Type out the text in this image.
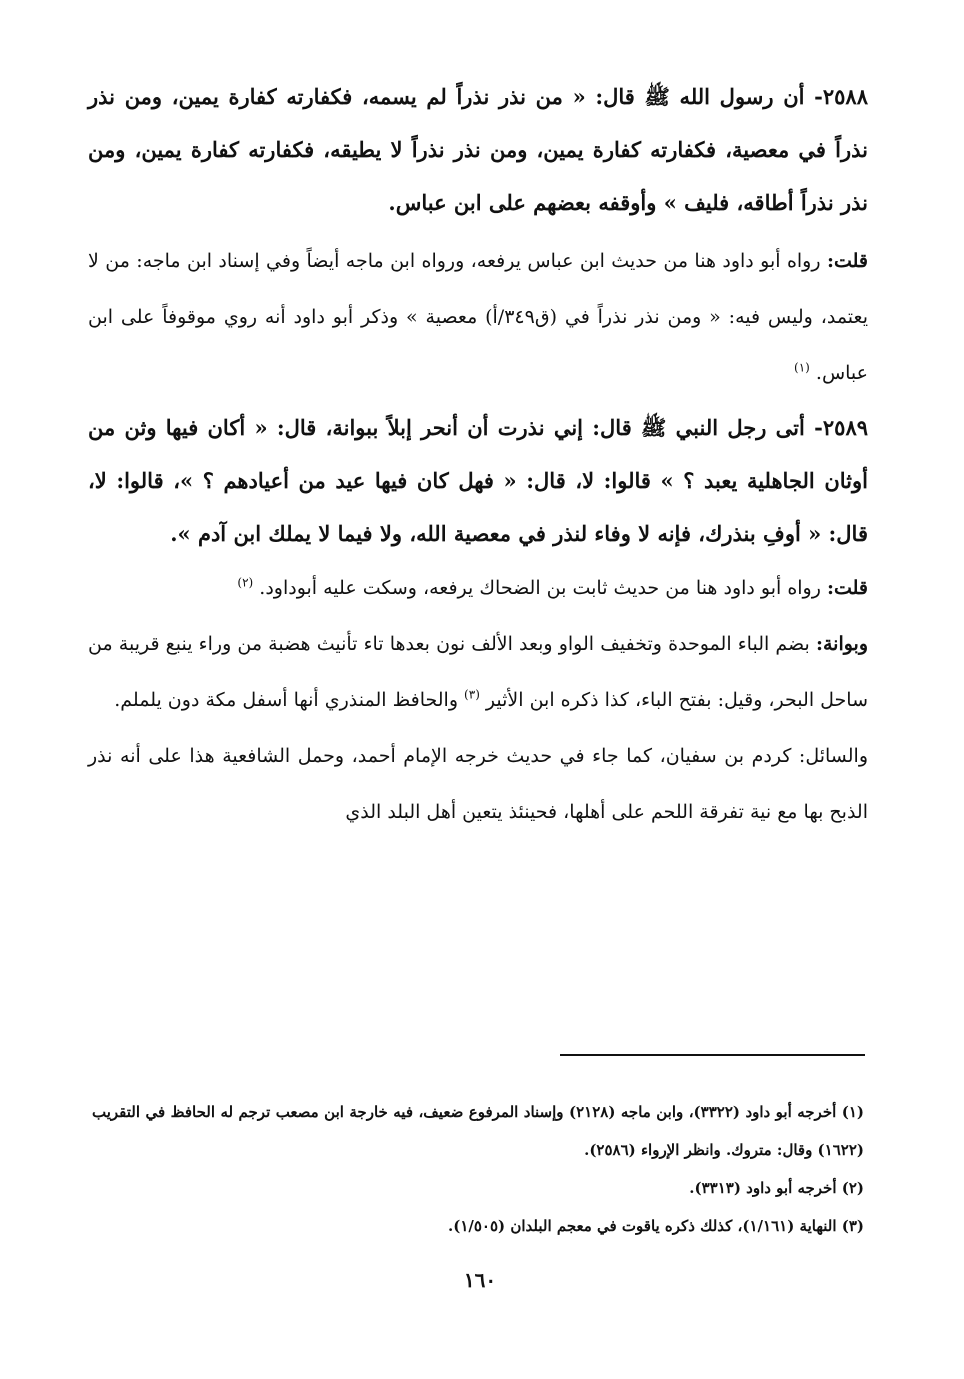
٢٥٨٨- أن رسول الله ﷺ قال: « من نذر نذراً لم يسمه، فكفارته كفارة يمين، ومن نذر نذراً في معصية، فكفارته كفارة يمين، ومن نذر نذراً لا يطيقه، فكفارته كفارة يمين، ومن نذر نذراً أطاقه، فليف » وأوقفه بعضهم على ابن عباس.

قلت: رواه أبو داود هنا من حديث ابن عباس يرفعه، ورواه ابن ماجه أيضاً وفي إسناد ابن ماجه: من لا يعتمد، وليس فيه: « ومن نذر نذراً في (ق٣٤٩/أ) معصية » وذكر أبو داود أنه روي موقوفاً على ابن عباس. $^{(١)}$

٢٥٨٩- أتى رجل النبي ﷺ قال: إني نذرت أن أنحر إبلاً ببوانة، قال: « أكان فيها وثن من أوثان الجاهلية يعبد ؟ » قالوا: لا، قال: « فهل كان فيها عيد من أعيادهم ؟ »، قالوا: لا، قال: « أوفِ بنذرك، فإنه لا وفاء لنذر في معصية الله، ولا فيما لا يملك ابن آدم ».

قلت: رواه أبو داود هنا من حديث ثابت بن الضحاك يرفعه، وسكت عليه أبوداود. $^{(٢)}$

وبوانة: بضم الباء الموحدة وتخفيف الواو وبعد الألف نون بعدها تاء تأنيث هضبة من وراء ينبع قريبة من ساحل البحر، وقيل: بفتح الباء، كذا ذكره ابن الأثير $^{(٣)}$ والحافظ المنذري أنها أسفل مكة دون يلملم.

والسائل: كردم بن سفيان، كما جاء في حديث خرجه الإمام أحمد، وحمل الشافعية هذا على أنه نذر الذبح بها مع نية تفرقة اللحم على أهلها، فحينئذ يتعين أهل البلد الذي

(١) أخرجه أبو داود (٣٣٢٢)، وابن ماجه (٢١٢٨) وإسناد المرفوع ضعيف، فيه خارجة ابن مصعب ترجم له الحافظ في التقريب (١٦٢٢) وقال: متروك. وانظر الإرواء (٢٥٨٦).

(٢) أخرجه أبو داود (٣٣١٣).

(٣) النهاية (١/١٦١)، كذلك ذكره ياقوت في معجم البلدان (١/٥٠٥).

١٦٠
